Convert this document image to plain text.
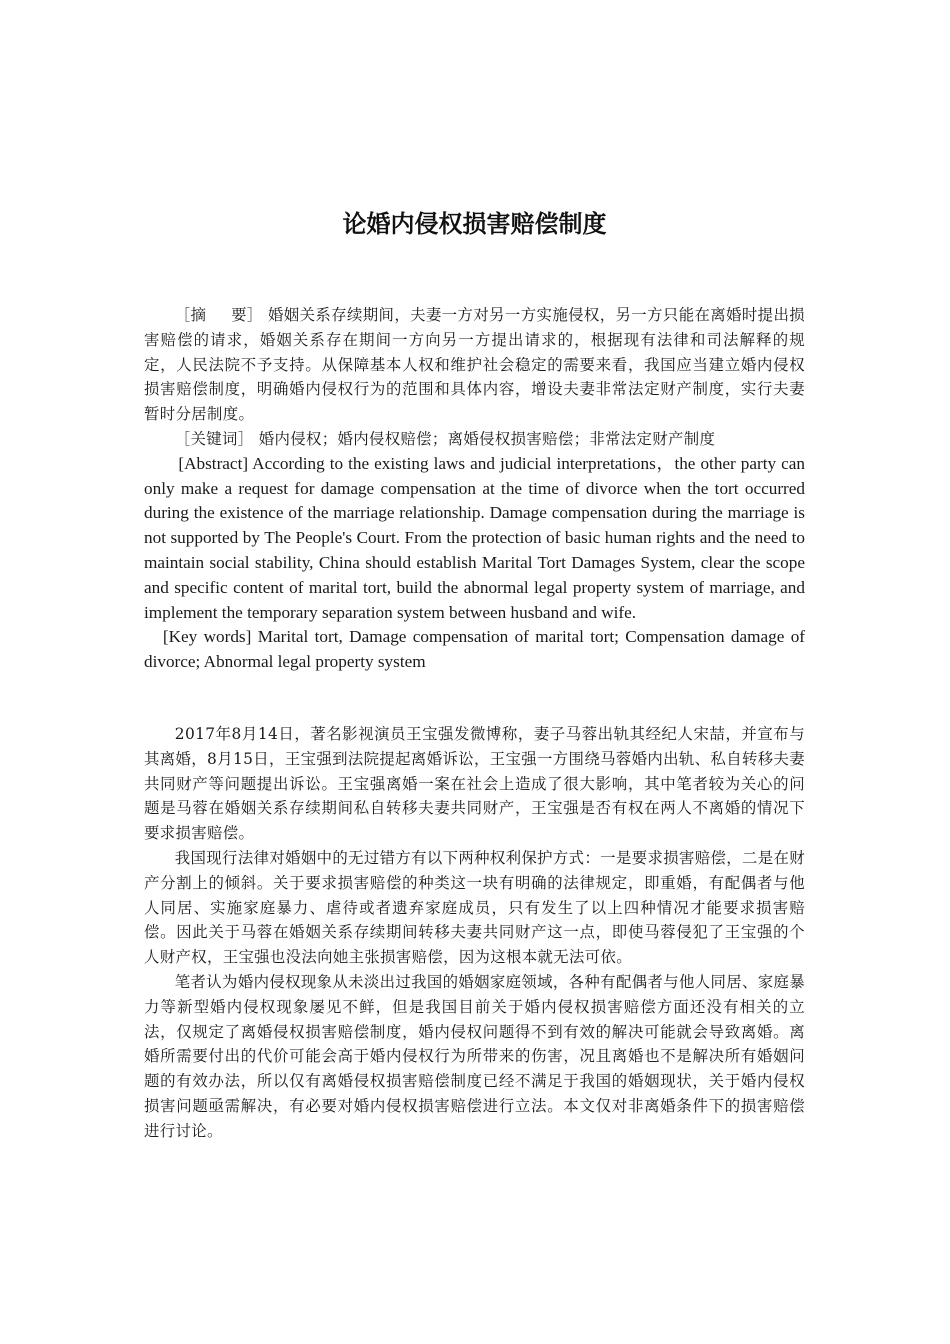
论婚内侵权损害赔偿制度

［摘 要］ 婚姻关系存续期间，夫妻一方对另一方实施侵权，另一方只能在离婚时提出损害赔偿的请求，婚姻关系存在期间一方向另一方提出请求的，根据现有法律和司法解释的规定，人民法院不予支持。从保障基本人权和维护社会稳定的需要来看，我国应当建立婚内侵权损害赔偿制度，明确婚内侵权行为的范围和具体内容，增设夫妻非常法定财产制度，实行夫妻暂时分居制度。

［关键词］ 婚内侵权；婚内侵权赔偿；离婚侵权损害赔偿；非常法定财产制度

[Abstract] According to the existing laws and judicial interpretations，the other party can only make a request for damage compensation at the time of divorce when the tort occurred during the existence of the marriage relationship. Damage compensation during the marriage is not supported by The People's Court. From the protection of basic human rights and the need to maintain social stability, China should establish Marital Tort Damages System, clear the scope and specific content of marital tort, build the abnormal legal property system of marriage, and implement the temporary separation system between husband and wife.

[Key words] Marital tort, Damage compensation of marital tort; Compensation damage of divorce; Abnormal legal property system

2017年8月14日，著名影视演员王宝强发微博称，妻子马蓉出轨其经纪人宋喆，并宣布与其离婚，8月15日，王宝强到法院提起离婚诉讼，王宝强一方围绕马蓉婚内出轨、私自转移夫妻共同财产等问题提出诉讼。王宝强离婚一案在社会上造成了很大影响，其中笔者较为关心的问题是马蓉在婚姻关系存续期间私自转移夫妻共同财产，王宝强是否有权在两人不离婚的情况下要求损害赔偿。

我国现行法律对婚姻中的无过错方有以下两种权利保护方式：一是要求损害赔偿，二是在财产分割上的倾斜。关于要求损害赔偿的种类这一块有明确的法律规定，即重婚，有配偶者与他人同居、实施家庭暴力、虐待或者遗弃家庭成员，只有发生了以上四种情况才能要求损害赔偿。因此关于马蓉在婚姻关系存续期间转移夫妻共同财产这一点，即使马蓉侵犯了王宝强的个人财产权，王宝强也没法向她主张损害赔偿，因为这根本就无法可依。

笔者认为婚内侵权现象从未淡出过我国的婚姻家庭领域，各种有配偶者与他人同居、家庭暴力等新型婚内侵权现象屡见不鲜，但是我国目前关于婚内侵权损害赔偿方面还没有相关的立法，仅规定了离婚侵权损害赔偿制度，婚内侵权问题得不到有效的解决可能就会导致离婚。离婚所需要付出的代价可能会高于婚内侵权行为所带来的伤害，况且离婚也不是解决所有婚姻问题的有效办法，所以仅有离婚侵权损害赔偿制度已经不满足于我国的婚姻现状，关于婚内侵权损害问题亟需解决，有必要对婚内侵权损害赔偿进行立法。本文仅对非离婚条件下的损害赔偿进行讨论。
